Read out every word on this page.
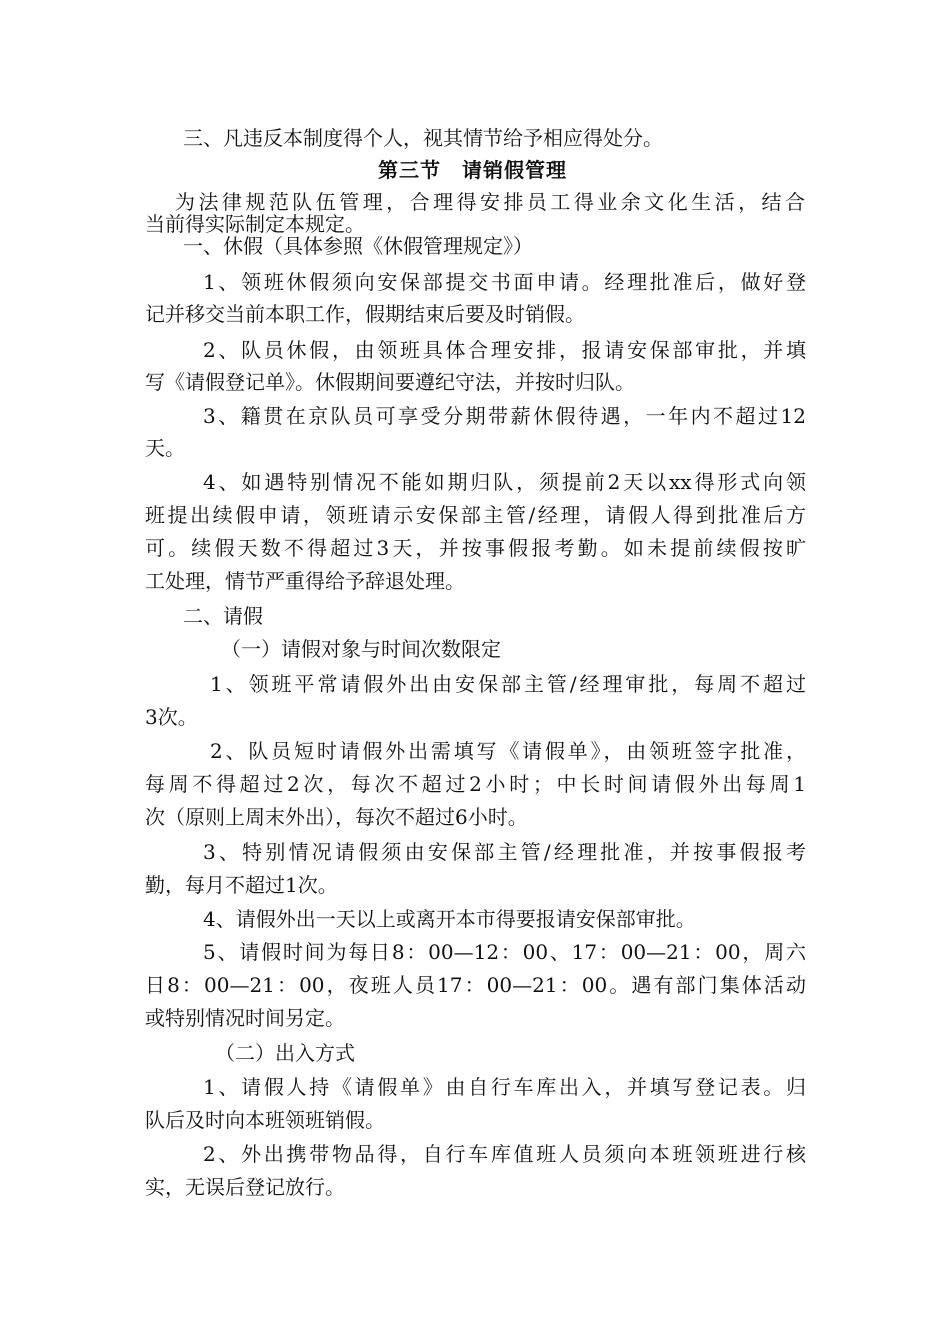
三、凡违反本制度得个人，视其情节给予相应得处分。
第三节　请销假管理
为法律规范队伍管理，合理得安排员工得业余文化生活，结合
当前得实际制定本规定。
一、休假（具体参照《休假管理规定》）
1、领班休假须向安保部提交书面申请。经理批准后，做好登
记并移交当前本职工作，假期结束后要及时销假。
2、队员休假，由领班具体合理安排，报请安保部审批，并填
写《请假登记单》。休假期间要遵纪守法，并按时归队。
3、籍贯在京队员可享受分期带薪休假待遇，一年内不超过12
天。
4、如遇特别情况不能如期归队，须提前2天以xx得形式向领
班提出续假申请，领班请示安保部主管/经理，请假人得到批准后方
可。续假天数不得超过3天，并按事假报考勤。如未提前续假按旷
工处理，情节严重得给予辞退处理。
二、请假
（一）请假对象与时间次数限定
1、领班平常请假外出由安保部主管/经理审批，每周不超过
3次。
2、队员短时请假外出需填写《请假单》，由领班签字批准，
每周不得超过2次，每次不超过2小时；中长时间请假外出每周1
次（原则上周末外出），每次不超过6小时。
3、特别情况请假须由安保部主管/经理批准，并按事假报考
勤，每月不超过1次。
4、请假外出一天以上或离开本市得要报请安保部审批。
5、请假时间为每日8：00—12：00、17：00—21：00，周六
日8：00—21：00，夜班人员17：00—21：00。遇有部门集体活动
或特别情况时间另定。
（二）出入方式
1、请假人持《请假单》由自行车库出入，并填写登记表。归
队后及时向本班领班销假。
2、外出携带物品得，自行车库值班人员须向本班领班进行核
实，无误后登记放行。
